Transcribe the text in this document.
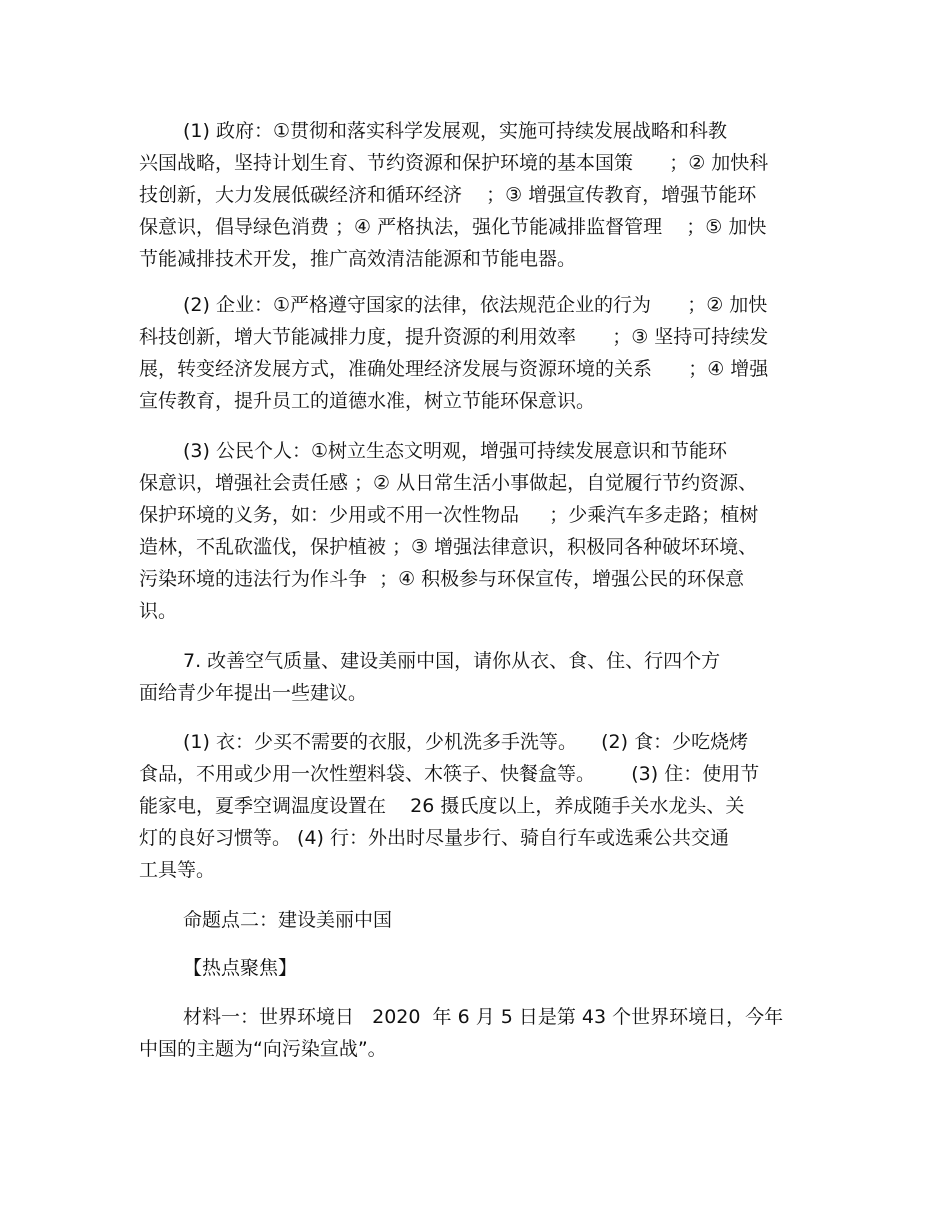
(1) 政府：①贯彻和落实科学发展观，实施可持续发展战略和科教
兴国战略，坚持计划生育、节约资源和保护环境的基本国策      ；② 加快科
技创新，大力发展低碳经济和循环经济    ；③ 增强宣传教育，增强节能环
保意识，倡导绿色消费 ；④ 严格执法，强化节能减排监督管理    ；⑤ 加快
节能减排技术开发，推广高效清洁能源和节能电器。

(2) 企业：①严格遵守国家的法律，依法规范企业的行为      ；② 加快
科技创新，增大节能减排力度，提升资源的利用效率      ；③ 坚持可持续发
展，转变经济发展方式，准确处理经济发展与资源环境的关系      ；④ 增强
宣传教育，提升员工的道德水准，树立节能环保意识。

(3) 公民个人：①树立生态文明观，增强可持续发展意识和节能环
保意识，增强社会责任感 ；② 从日常生活小事做起，自觉履行节约资源、
保护环境的义务，如：少用或不用一次性物品     ；少乘汽车多走路；植树
造林，不乱砍滥伐，保护植被 ；③ 增强法律意识，积极同各种破坏环境、
污染环境的违法行为作斗争  ；④ 积极参与环保宣传，增强公民的环保意
识。

7. 改善空气质量、建设美丽中国，请你从衣、食、住、行四个方
面给青少年提出一些建议。

(1) 衣：少买不需要的衣服，少机洗多手洗等。    (2) 食：少吃烧烤
食品，不用或少用一次性塑料袋、木筷子、快餐盒等。      (3) 住：使用节
能家电，夏季空调温度设置在    26 摄氏度以上，养成随手关水龙头、关
灯的良好习惯等。 (4) 行：外出时尽量步行、骑自行车或选乘公共交通
工具等。

命题点二：建设美丽中国

【热点聚焦】

材料一：世界环境日   2020  年 6 月 5 日是第 43 个世界环境日，今年
中国的主题为“向污染宣战”。
